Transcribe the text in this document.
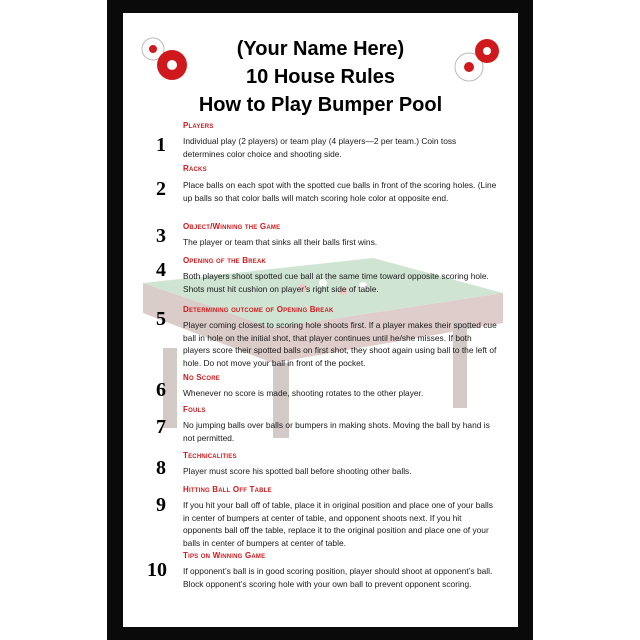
(Your Name Here)
10 House Rules
How to Play Bumper Pool
1
Players
Individual play (2 players) or team play (4 players—2 per team.) Coin toss determines color choice and shooting side.
2
Racks
Place balls on each spot with the spotted cue balls in front of the scoring holes. (Line up balls so that color balls will match scoring hole color at opposite end.
3	Object/Winning the Game
The player or team that sinks all their balls first wins.
4	Opening of the Break
Both players shoot spotted cue ball at the same time toward opposite scoring hole. Shots must hit cushion on player’s right side of table.
5	Determining outcome of Opening Break
Player coming closest to scoring hole shoots first. If a player makes their spotted cue ball in hole on the initial shot, that player continues until he/she misses. If both players score their spotted balls on first shot, they shoot again using ball to the left of hole. Do not move your ball in front of the pocket.
6
No Score
Whenever no score is made, shooting rotates to the other player.
7
Fouls
No jumping balls over balls or bumpers in making shots. Moving the ball by hand is not permitted.
8
Technicalities
Player must score his spotted ball before shooting other balls.
9
Hitting Ball Off Table
If you hit your ball off of table, place it in original position and place one of your balls in center of bumpers at center of table, and opponent shoots next. If you hit opponents ball off the table, replace it to the original position and place one of your balls in center of bumpers at center of table.
10
Tips on Winning Game
If opponent’s ball is in good scoring position, player should shoot at opponent’s ball. Block opponent’s scoring hole with your own ball to prevent opponent scoring.
